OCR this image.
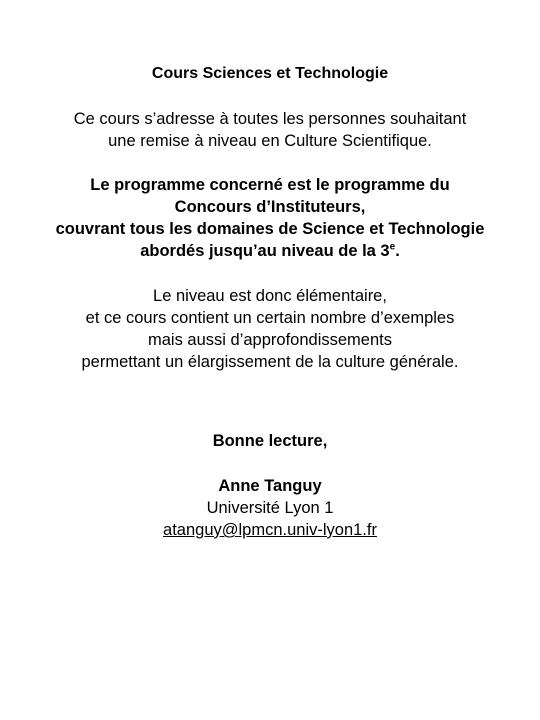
Cours Sciences et Technologie
Ce cours s’adresse à toutes les personnes souhaitant
une remise à niveau en Culture Scientifique.
Le programme concerné est le programme du
Concours d’Instituteurs,
couvrant tous les domaines de Science et Technologie
abordés jusqu’au niveau de la 3e.
Le niveau est donc élémentaire,
et ce cours contient un certain nombre d’exemples
mais aussi d’approfondissements
permettant un élargissement de la culture générale.
Bonne lecture,
Anne Tanguy
Université Lyon 1
atanguy@lpmcn.univ-lyon1.fr
